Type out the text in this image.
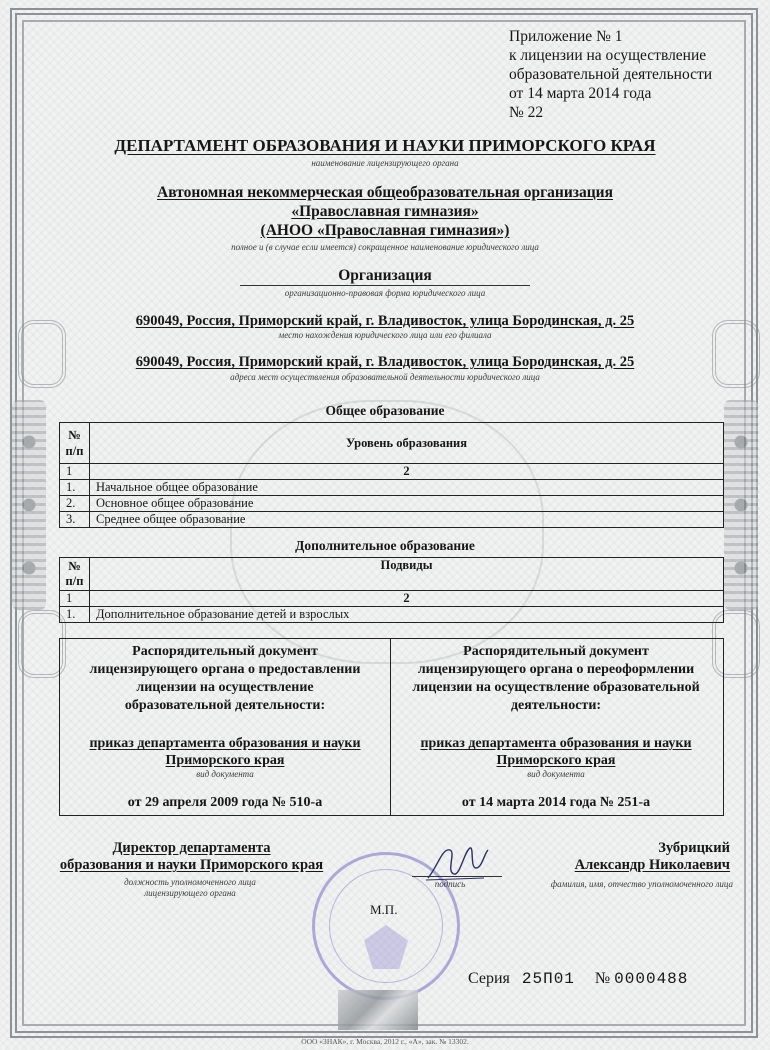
Приложение № 1
к лицензии на осуществление
образовательной деятельности
от 14 марта 2014 года
№ 22
ДЕПАРТАМЕНТ ОБРАЗОВАНИЯ И НАУКИ ПРИМОРСКОГО КРАЯ
наименование лицензирующего органа
Автономная некоммерческая общеобразовательная организация
«Православная гимназия»
(АНОО «Православная гимназия»)
полное и (в случае если имеется) сокращенное наименование юридического лица
Организация
организационно-правовая форма юридического лица
690049, Россия, Приморский край, г. Владивосток, улица Бородинская, д. 25
место нахождения юридического лица или его филиала
690049, Россия, Приморский край, г. Владивосток, улица Бородинская, д. 25
адреса мест осуществления образовательной деятельности юридического лица
Общее образование
№ п/п	Уровень образования
1	2
1.	Начальное общее образование
2.	Основное общее образование
3.	Среднее общее образование
Дополнительное образование
№ п/п	Подвиды
1	2
1.	Дополнительное образование детей и взрослых
Распорядительный документ
лицензирующего органа о предоставлении
лицензии на осуществление
образовательной деятельности:
приказ департамента образования и науки
Приморского края
вид документа
от 29 апреля 2009 года № 510-а
Распорядительный документ
лицензирующего органа о переоформлении
лицензии на осуществление образовательной
деятельности:
приказ департамента образования и науки
Приморского края
вид документа
от 14 марта 2014 года № 251-а
Директор департамента
образования и науки Приморского края
должность уполномоченного лица
лицензирующего органа
М.П.
подпись
Зубрицкий
Александр Николаевич
фамилия, имя, отчество уполномоченного лица
Серия 25П01 № 0000488
ООО «ЗНАК», г. Москва, 2012 г., «А», зак. № 13302.
